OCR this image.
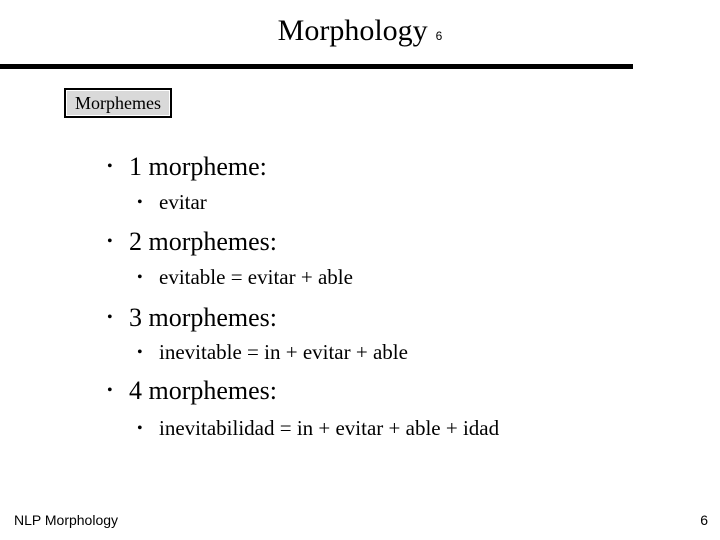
Morphology 6
Morphemes
• 1 morpheme:
• evitar
• 2 morphemes:
• evitable = evitar + able
• 3 morphemes:
• inevitable = in + evitar + able
• 4 morphemes:
• inevitabilidad = in + evitar + able + idad
NLP Morphology	6
